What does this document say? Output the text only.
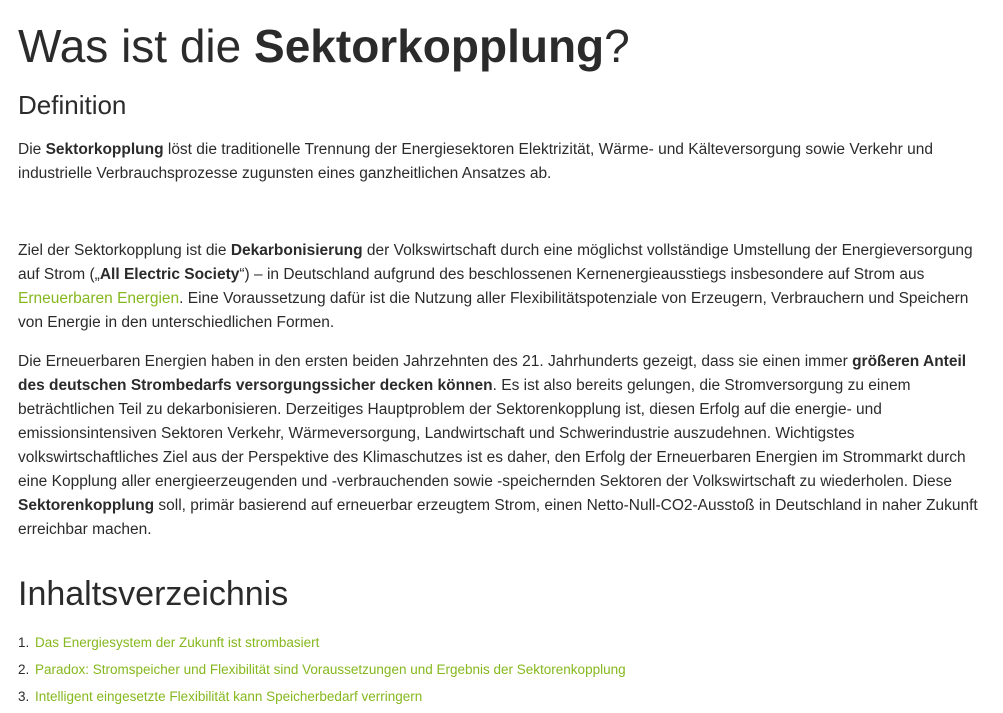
Was ist die Sektorkopplung?
Definition

Die Sektorkopplung löst die traditionelle Trennung der Energiesektoren Elektrizität, Wärme- und Kälteversorgung sowie Verkehr und industrielle Verbrauchsprozesse zugunsten eines ganzheitlichen Ansatzes ab.

Ziel der Sektorkopplung ist die Dekarbonisierung der Volkswirtschaft durch eine möglichst vollständige Umstellung der Energieversorgung auf Strom („All Electric Society“) – in Deutschland aufgrund des beschlossenen Kernenergieausstiegs insbesondere auf Strom aus Erneuerbaren Energien. Eine Voraussetzung dafür ist die Nutzung aller Flexibilitätspotenziale von Erzeugern, Verbrauchern und Speichern von Energie in den unterschiedlichen Formen.

Die Erneuerbaren Energien haben in den ersten beiden Jahrzehnten des 21. Jahrhunderts gezeigt, dass sie einen immer größeren Anteil des deutschen Strombedarfs versorgungssicher decken können. Es ist also bereits gelungen, die Stromversorgung zu einem beträchtlichen Teil zu dekarbonisieren. Derzeitiges Hauptproblem der Sektorenkopplung ist, diesen Erfolg auf die energie- und emissionsintensiven Sektoren Verkehr, Wärmeversorgung, Landwirtschaft und Schwerindustrie auszudehnen. Wichtigstes volkswirtschaftliches Ziel aus der Perspektive des Klimaschutzes ist es daher, den Erfolg der Erneuerbaren Energien im Strommarkt durch eine Kopplung aller energieerzeugenden und -verbrauchenden sowie -speichernden Sektoren der Volkswirtschaft zu wiederholen. Diese Sektorenkopplung soll, primär basierend auf erneuerbar erzeugtem Strom, einen Netto-Null-CO2-Ausstoß in Deutschland in naher Zukunft erreichbar machen.

Inhaltsverzeichnis
1. Das Energiesystem der Zukunft ist strombasiert
2. Paradox: Stromspeicher und Flexibilität sind Voraussetzungen und Ergebnis der Sektorenkopplung
3. Intelligent eingesetzte Flexibilität kann Speicherbedarf verringern
